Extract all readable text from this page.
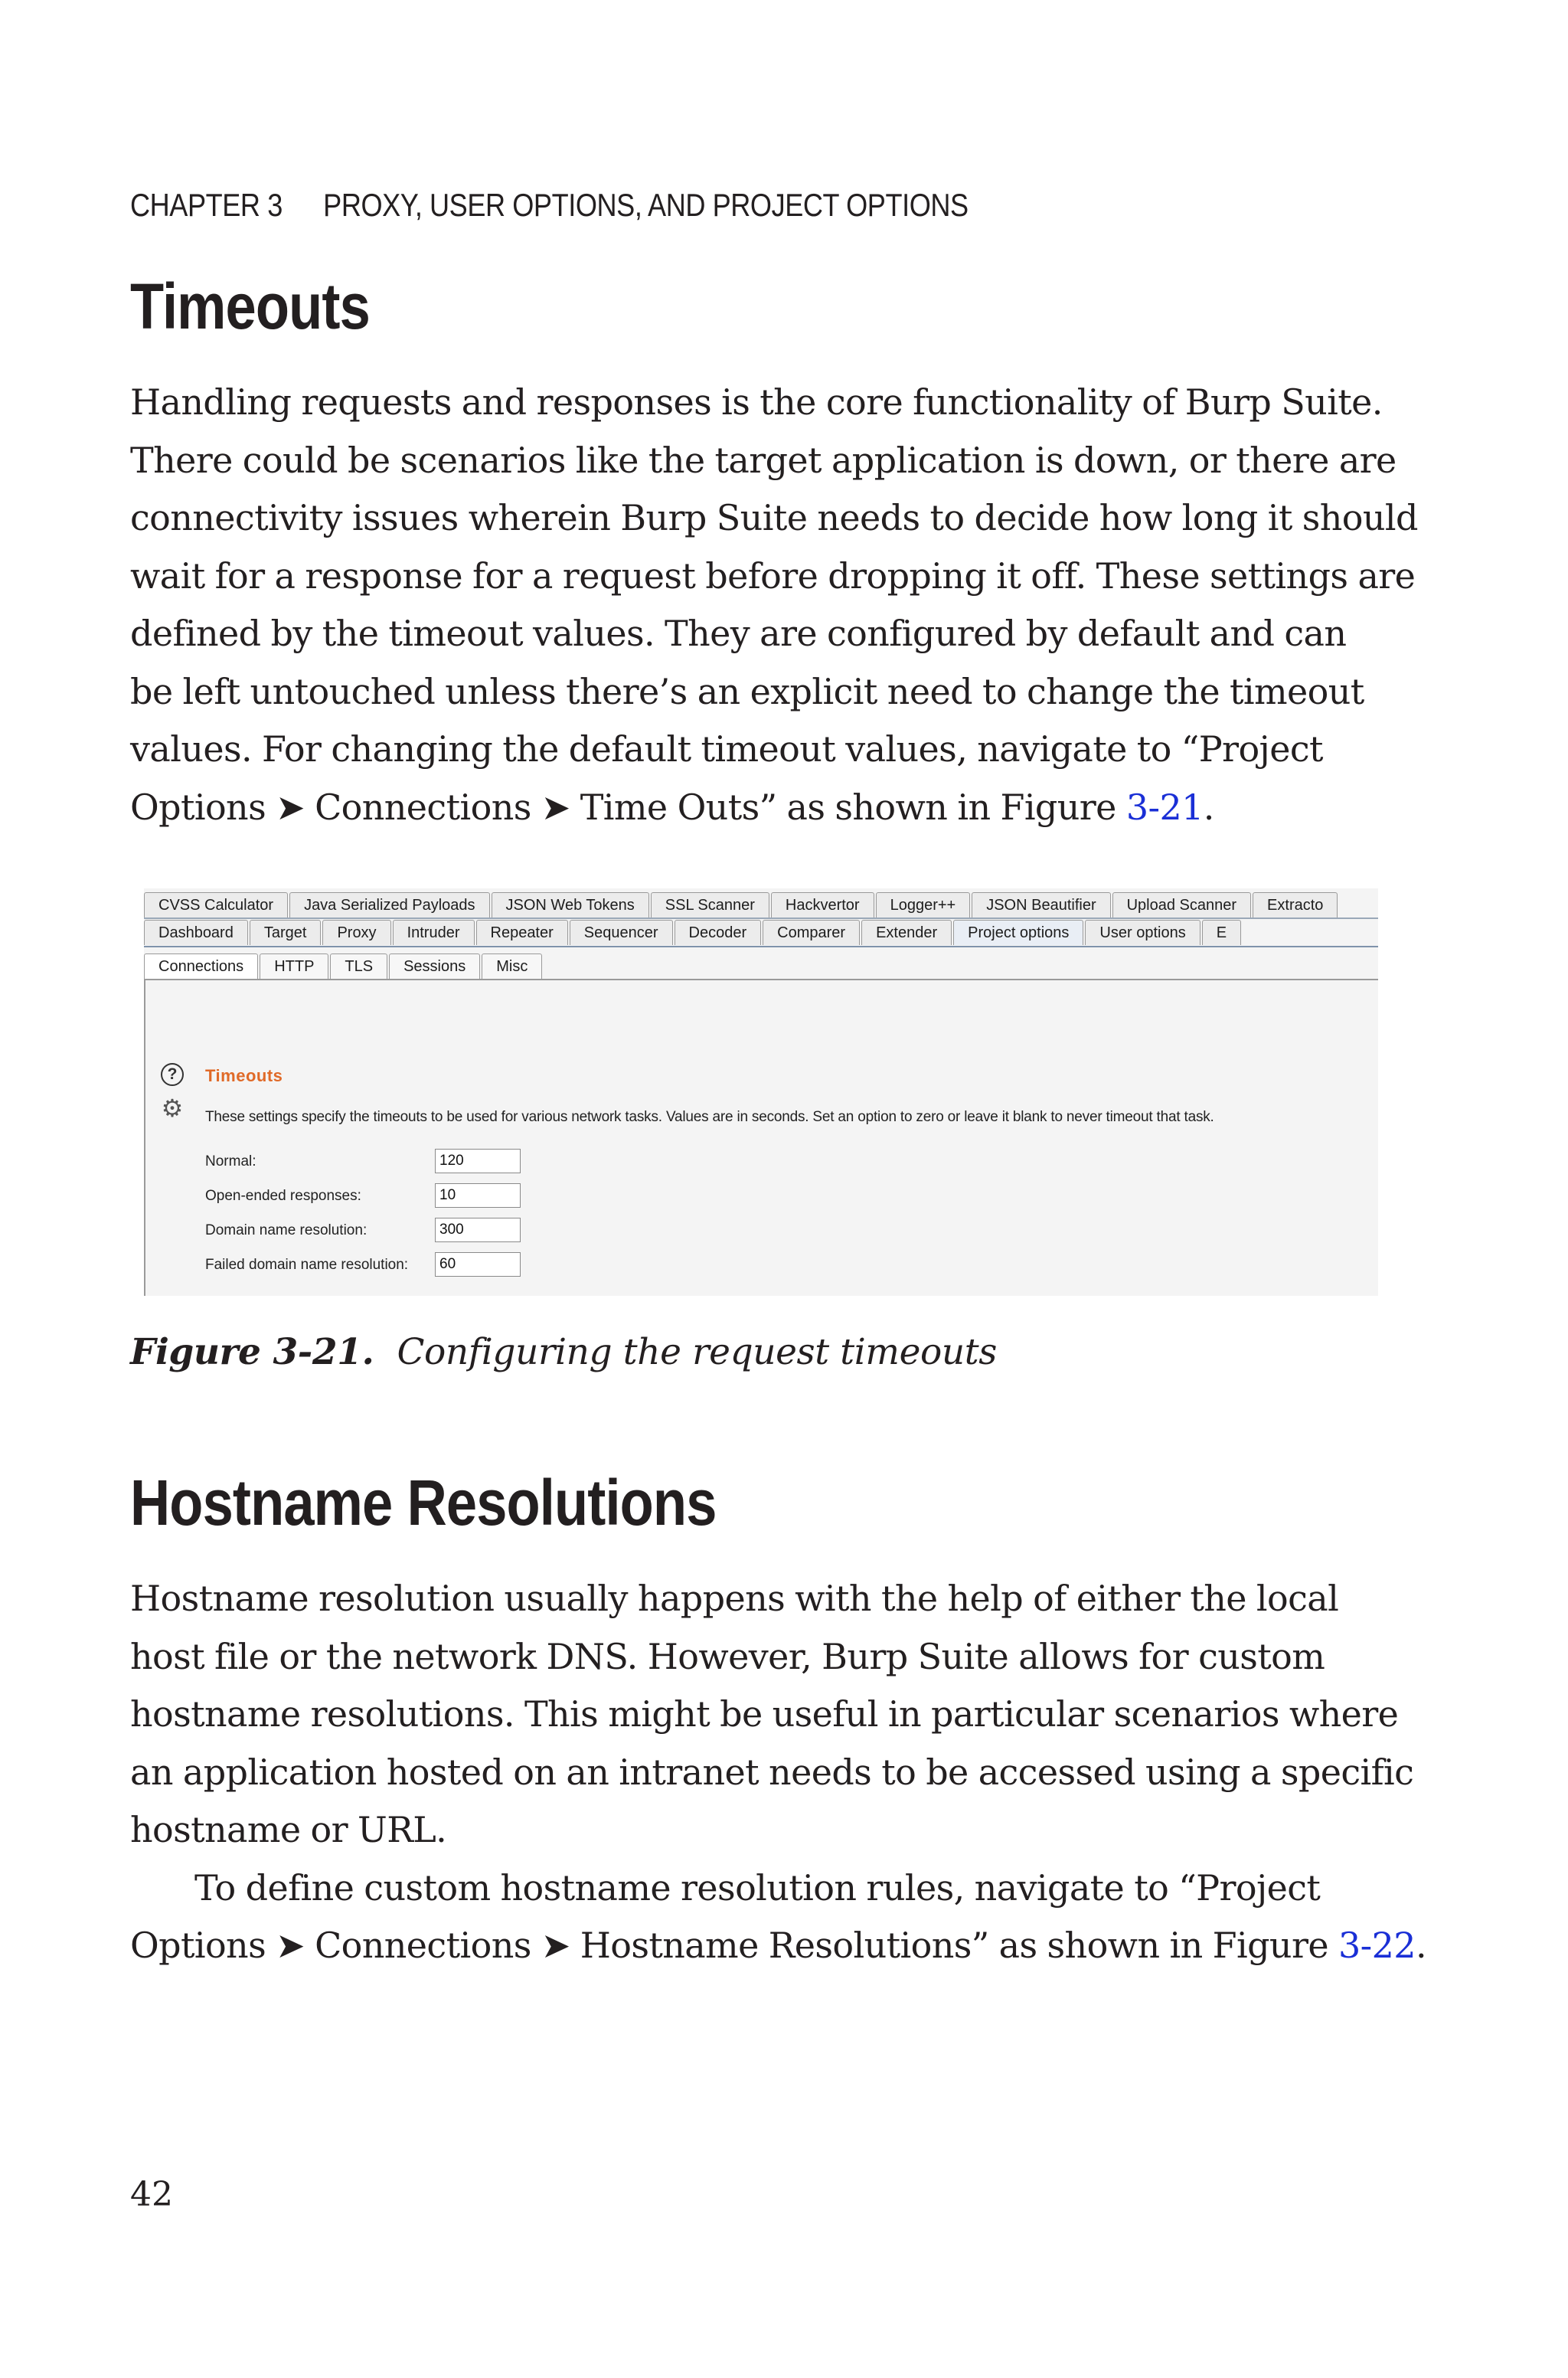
CHAPTER 3 PROXY, USER OPTIONS, AND PROJECT OPTIONS
Timeouts

Handling requests and responses is the core functionality of Burp Suite.
There could be scenarios like the target application is down, or there are
connectivity issues wherein Burp Suite needs to decide how long it should
wait for a response for a request before dropping it off. These settings are
defined by the timeout values. They are configured by default and can
be left untouched unless there’s an explicit need to change the timeout
values. For changing the default timeout values, navigate to “Project
Options ➤ Connections ➤ Time Outs” as shown in Figure 3-21.

CVSS Calculator	Java Serialized Payloads	JSON Web Tokens	SSL Scanner	Hackvertor	Logger++	JSON Beautifier	Upload Scanner	Extracto
Dashboard	Target	Proxy	Intruder	Repeater	Sequencer	Decoder	Comparer	Extender	Project options	User options	E
Connections	HTTP	TLS	Sessions	Misc
?
⚙
Timeouts
These settings specify the timeouts to be used for various network tasks. Values are in seconds. Set an option to zero or leave it blank to never timeout that task.
Normal:
120
Open-ended responses:
10
Domain name resolution:
300
Failed domain name resolution:
60

Figure 3-21. Configuring the request timeouts

Hostname Resolutions

Hostname resolution usually happens with the help of either the local
host file or the network DNS. However, Burp Suite allows for custom
hostname resolutions. This might be useful in particular scenarios where
an application hosted on an intranet needs to be accessed using a specific
hostname or URL.
To define custom hostname resolution rules, navigate to “Project
Options ➤ Connections ➤ Hostname Resolutions” as shown in Figure 3-22.

42
